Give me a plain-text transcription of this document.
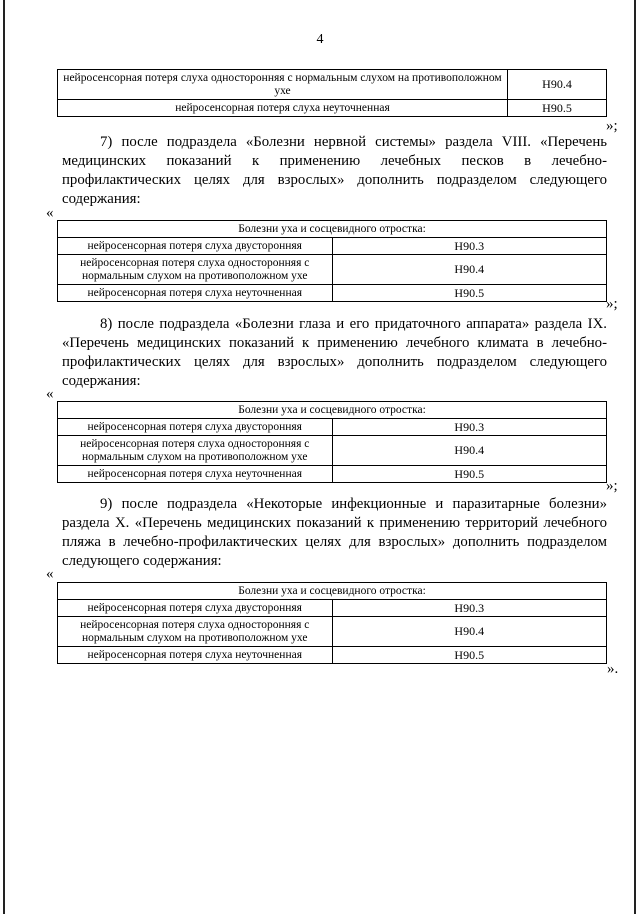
4
нейросенсорная потеря слуха односторонняя с нормальным слухом на противоположном ухе	H90.4
нейросенсорная потеря слуха неуточненная	H90.5
»;
7) после подраздела «Болезни нервной системы» раздела VIII. «Перечень медицинских показаний к применению лечебных песков в лечебно-профилактических целях для взрослых» дополнить подразделом следующего содержания:
«
Болезни уха и сосцевидного отростка:	
нейросенсорная потеря слуха двусторонняя	H90.3
нейросенсорная потеря слуха односторонняя с нормальным слухом на противоположном ухе	H90.4
нейросенсорная потеря слуха неуточненная	H90.5
»;
8) после подраздела «Болезни глаза и его придаточного аппарата» раздела IX. «Перечень медицинских показаний к применению лечебного климата в лечебно-профилактических целях для взрослых» дополнить подразделом следующего содержания:
«
Болезни уха и сосцевидного отростка:	
нейросенсорная потеря слуха двусторонняя	H90.3
нейросенсорная потеря слуха односторонняя с нормальным слухом на противоположном ухе	H90.4
нейросенсорная потеря слуха неуточненная	H90.5
»;
9) после подраздела «Некоторые инфекционные и паразитарные болезни» раздела X. «Перечень медицинских показаний к применению территорий лечебного пляжа в лечебно-профилактических целях для взрослых» дополнить подразделом следующего содержания:
«
Болезни уха и сосцевидного отростка:	
нейросенсорная потеря слуха двусторонняя	H90.3
нейросенсорная потеря слуха односторонняя с нормальным слухом на противоположном ухе	H90.4
нейросенсорная потеря слуха неуточненная	H90.5
».
